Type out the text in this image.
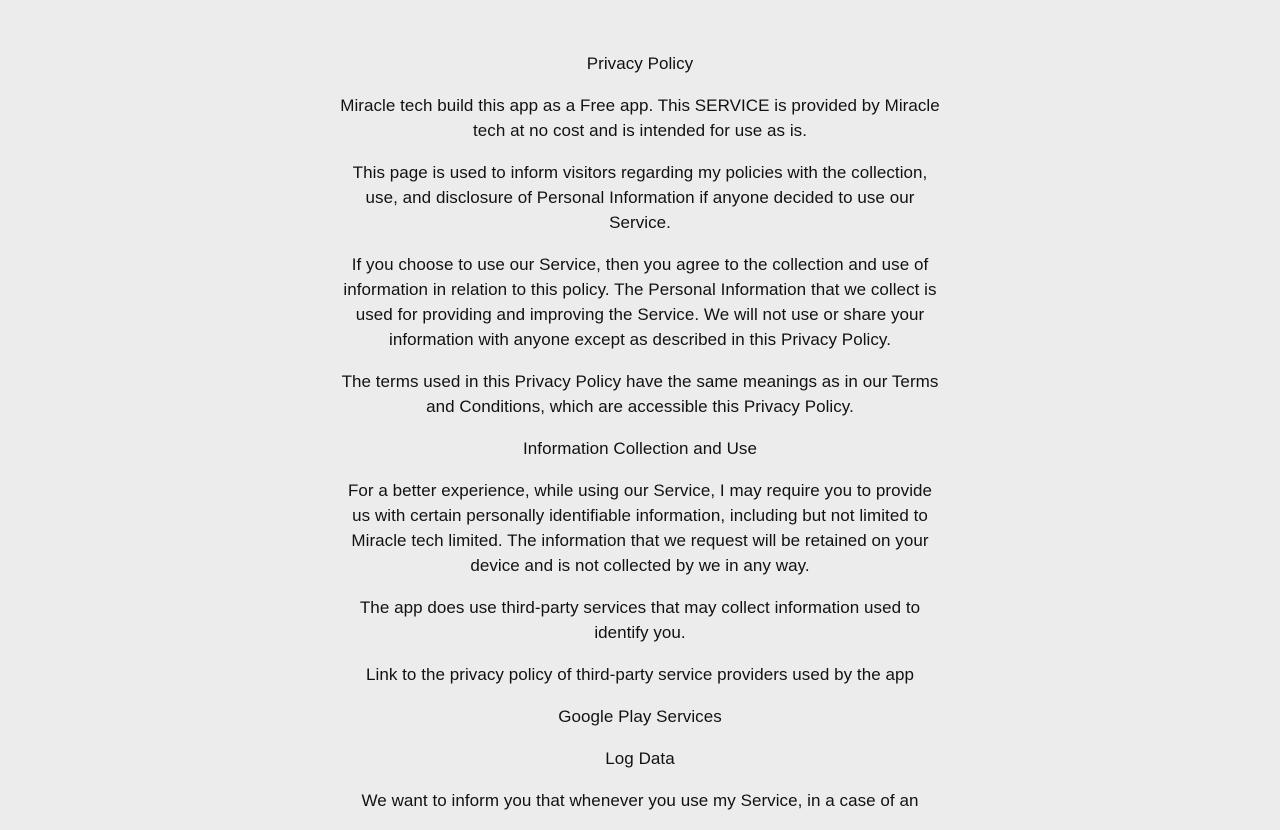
Privacy Policy

Miracle tech build this app as a Free app. This SERVICE is provided by Miracle tech at no cost and is intended for use as is.

This page is used to inform visitors regarding my policies with the collection, use, and disclosure of Personal Information if anyone decided to use our Service.

If you choose to use our Service, then you agree to the collection and use of information in relation to this policy. The Personal Information that we collect is used for providing and improving the Service. We will not use or share your information with anyone except as described in this Privacy Policy.

The terms used in this Privacy Policy have the same meanings as in our Terms and Conditions, which are accessible this Privacy Policy.

Information Collection and Use

For a better experience, while using our Service, I may require you to provide us with certain personally identifiable information, including but not limited to Miracle tech limited. The information that we request will be retained on your device and is not collected by we in any way.

The app does use third-party services that may collect information used to identify you.

Link to the privacy policy of third-party service providers used by the app

Google Play Services

Log Data

We want to inform you that whenever you use my Service, in a case of an
